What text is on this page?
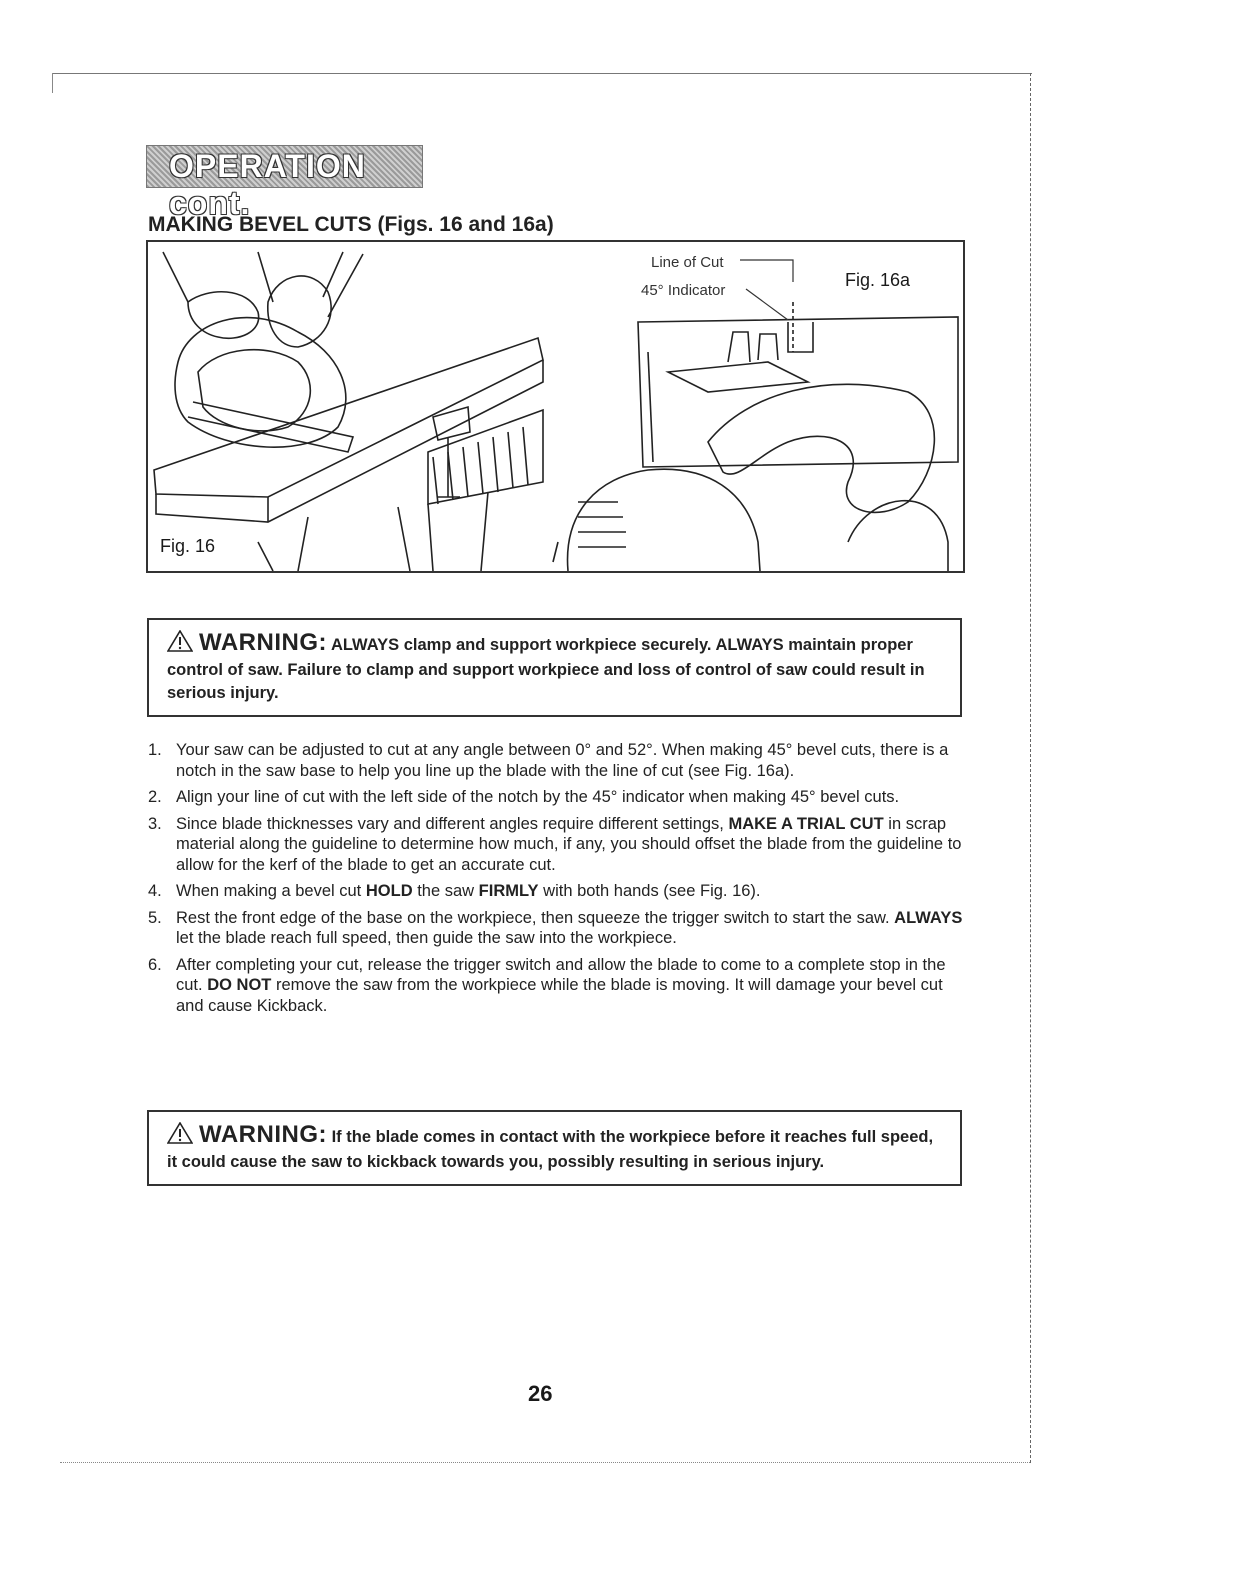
OPERATION cont.
MAKING BEVEL CUTS (Figs. 16 and 16a)
Fig. 16
Fig. 16a
Line of Cut
45° Indicator
WARNING: ALWAYS clamp and support workpiece securely. ALWAYS maintain proper control of saw. Failure to clamp and support workpiece and loss of control of saw could result in serious injury.
1. Your saw can be adjusted to cut at any angle between 0° and 52°. When making 45° bevel cuts, there is a notch in the saw base to help you line up the blade with the line of cut (see Fig. 16a).
2. Align your line of cut with the left side of the notch by the 45° indicator when making 45° bevel cuts.
3. Since blade thicknesses vary and different angles require different settings, MAKE A TRIAL CUT in scrap material along the guideline to determine how much, if any, you should offset the blade from the guideline to allow for the kerf of the blade to get an accurate cut.
4. When making a bevel cut HOLD the saw FIRMLY with both hands (see Fig. 16).
5. Rest the front edge of the base on the workpiece, then squeeze the trigger switch to start the saw. ALWAYS let the blade reach full speed, then guide the saw into the workpiece.
6. After completing your cut, release the trigger switch and allow the blade to come to a complete stop in the cut. DO NOT remove the saw from the workpiece while the blade is moving. It will damage your bevel cut and cause Kickback.
WARNING: If the blade comes in contact with the workpiece before it reaches full speed, it could cause the saw to kickback towards you, possibly resulting in serious injury.
26
